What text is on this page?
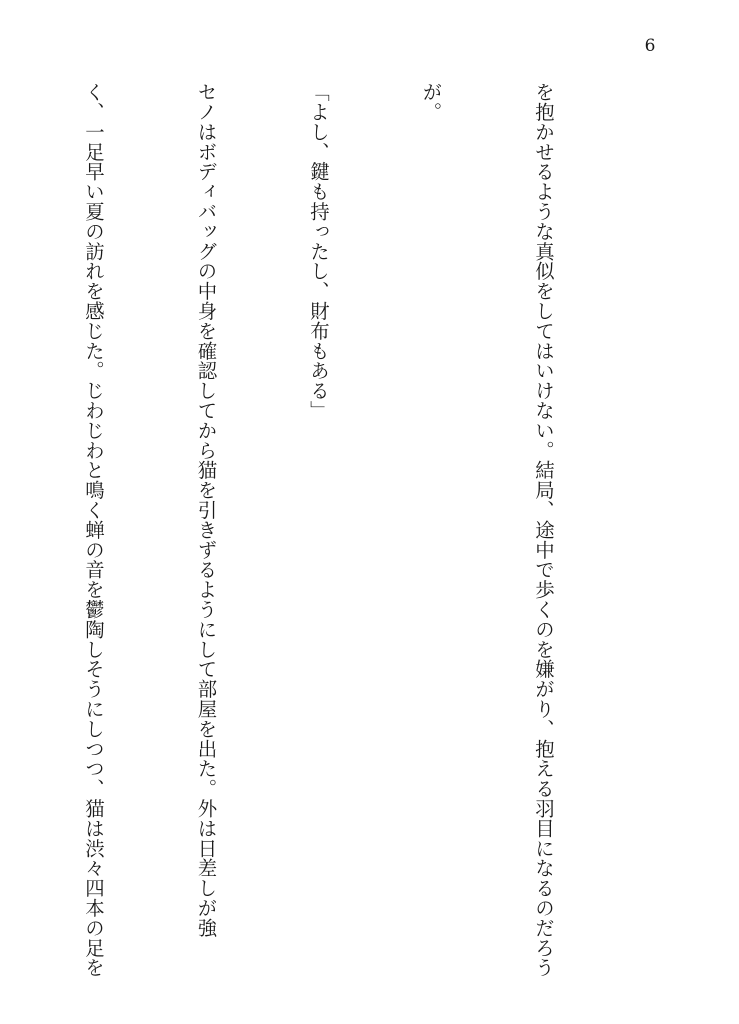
6

を抱かせるような真似をしてはいけない。結局、途中で歩くのを嫌がり、抱える羽目になるのだろう

が。

「よし、鍵も持ったし、財布もある」

セノはボディバッグの中身を確認してから猫を引きずるようにして部屋を出た。外は日差しが強

く、一足早い夏の訪れを感じた。じわじわと鳴く蝉の音を鬱陶しそうにしつつ、猫は渋々四本の足を
